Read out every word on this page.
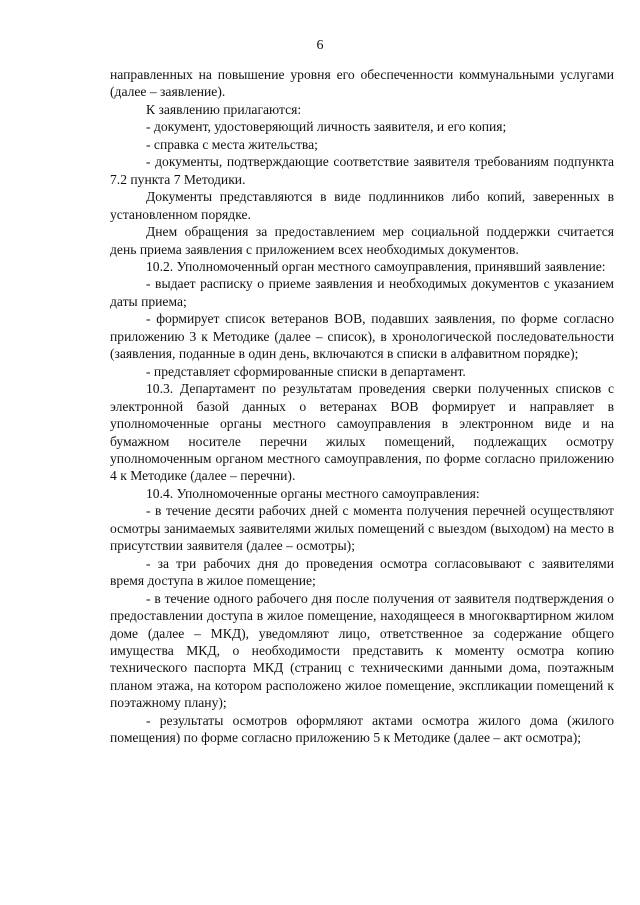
6

направленных на повышение уровня его обеспеченности коммунальными услугами (далее – заявление).

К заявлению прилагаются:

- документ, удостоверяющий личность заявителя, и его копия;

- справка с места жительства;

- документы, подтверждающие соответствие заявителя требованиям подпункта 7.2 пункта 7 Методики.

Документы представляются в виде подлинников либо копий, заверенных в установленном порядке.

Днем обращения за предоставлением мер социальной поддержки считается день приема заявления с приложением всех необходимых документов.

10.2. Уполномоченный орган местного самоуправления, принявший заявление:

- выдает расписку о приеме заявления и необходимых документов с указанием даты приема;

- формирует список ветеранов ВОВ, подавших заявления, по форме согласно приложению 3 к Методике (далее – список), в хронологической последовательности (заявления, поданные в один день, включаются в списки в алфавитном порядке);

- представляет сформированные списки в департамент.

10.3. Департамент по результатам проведения сверки полученных списков с электронной базой данных о ветеранах ВОВ формирует и направляет в уполномоченные органы местного самоуправления в электронном виде и на бумажном носителе перечни жилых помещений, подлежащих осмотру уполномоченным органом местного самоуправления, по форме согласно приложению 4 к Методике (далее – перечни).

10.4. Уполномоченные органы местного самоуправления:

- в течение десяти рабочих дней с момента получения перечней осуществляют осмотры занимаемых заявителями жилых помещений с выездом (выходом) на место в присутствии заявителя (далее – осмотры);

- за три рабочих дня до проведения осмотра согласовывают с заявителями время доступа в жилое помещение;

- в течение одного рабочего дня после получения от заявителя подтверждения о предоставлении доступа в жилое помещение, находящееся в многоквартирном жилом доме (далее – МКД), уведомляют лицо, ответственное за содержание общего имущества МКД, о необходимости представить к моменту осмотра копию технического паспорта МКД (страниц с техническими данными дома, поэтажным планом этажа, на котором расположено жилое помещение, экспликации помещений к поэтажному плану);

- результаты осмотров оформляют актами осмотра жилого дома (жилого помещения) по форме согласно приложению 5 к Методике (далее – акт осмотра);
